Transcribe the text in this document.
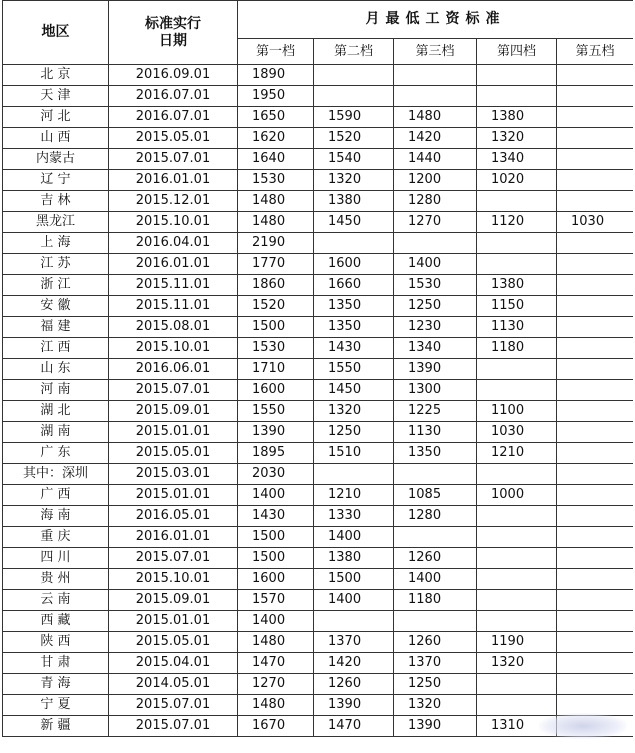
地区	标准实行
日期	月最低工资标准				
		第一档	第二档	第三档	第四档	第五档
北 京	2016.09.01	1890				
天 津	2016.07.01	1950				
河 北	2016.07.01	1650	1590	1480	1380	
山 西	2015.05.01	1620	1520	1420	1320	
内蒙古	2015.07.01	1640	1540	1440	1340	
辽 宁	2016.01.01	1530	1320	1200	1020	
吉 林	2015.12.01	1480	1380	1280		
黑龙江	2015.10.01	1480	1450	1270	1120	1030
上 海	2016.04.01	2190				
江 苏	2016.01.01	1770	1600	1400		
浙 江	2015.11.01	1860	1660	1530	1380	
安 徽	2015.11.01	1520	1350	1250	1150	
福 建	2015.08.01	1500	1350	1230	1130	
江 西	2015.10.01	1530	1430	1340	1180	
山 东	2016.06.01	1710	1550	1390		
河 南	2015.07.01	1600	1450	1300		
湖 北	2015.09.01	1550	1320	1225	1100	
湖 南	2015.01.01	1390	1250	1130	1030	
广 东	2015.05.01	1895	1510	1350	1210	
其中：深圳	2015.03.01	2030				
广 西	2015.01.01	1400	1210	1085	1000	
海 南	2016.05.01	1430	1330	1280		
重 庆	2016.01.01	1500	1400			
四 川	2015.07.01	1500	1380	1260		
贵 州	2015.10.01	1600	1500	1400		
云 南	2015.09.01	1570	1400	1180		
西 藏	2015.01.01	1400				
陕 西	2015.05.01	1480	1370	1260	1190	
甘 肃	2015.04.01	1470	1420	1370	1320	
青 海	2014.05.01	1270	1260	1250		
宁 夏	2015.07.01	1480	1390	1320		
新 疆	2015.07.01	1670	1470	1390	1310	
